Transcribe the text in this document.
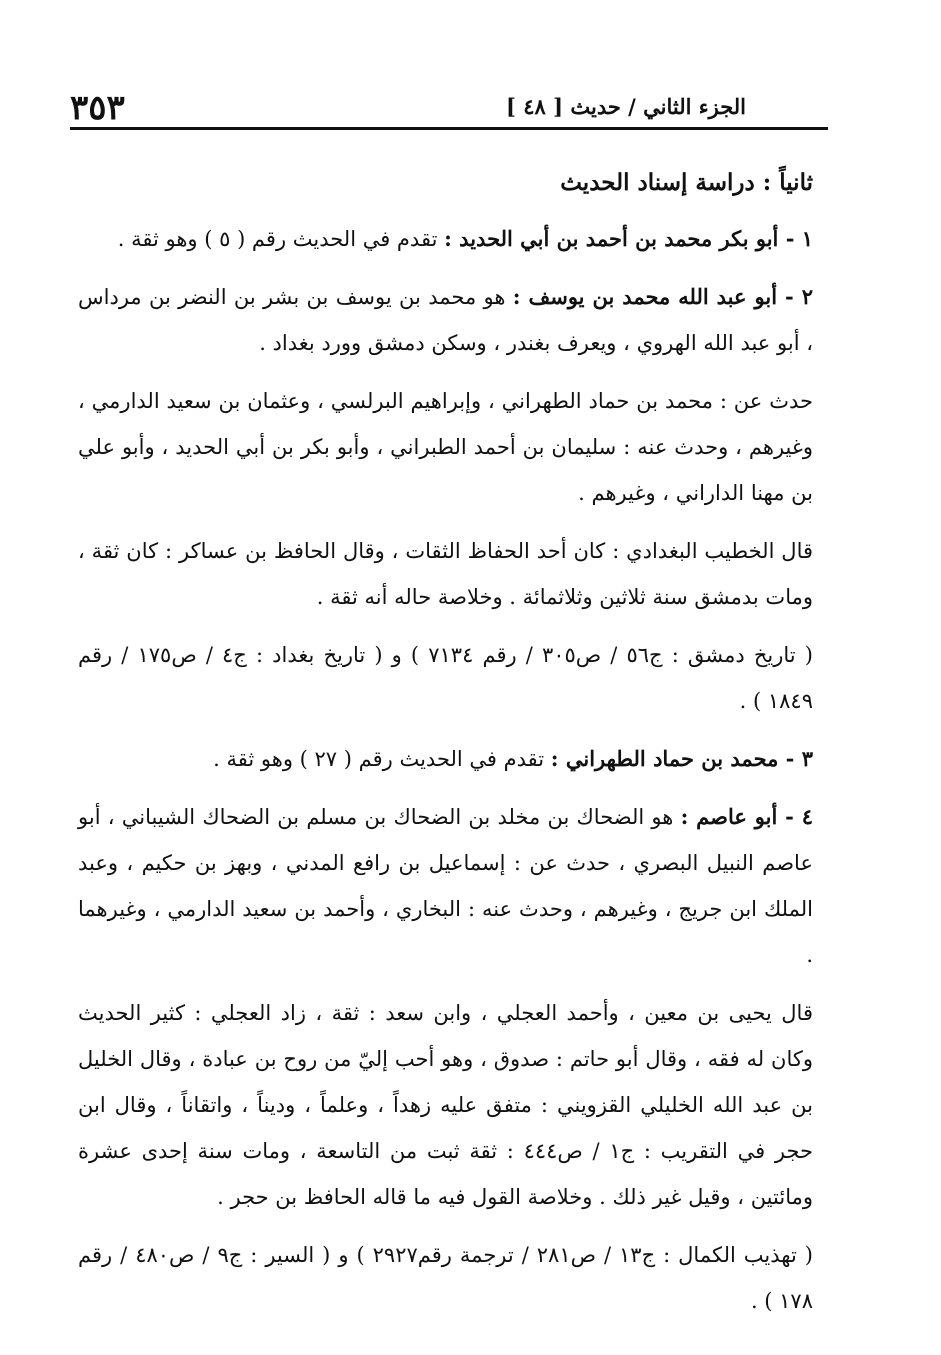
٣٥٣	الجزء الثاني / حديث [ ٤٨ ]

ثانياً : دراسة إسناد الحديث

١ - أبو بكر محمد بن أحمد بن أبي الحديد : تقدم في الحديث رقم ( ٥ ) وهو ثقة .

٢ - أبو عبد الله محمد بن يوسف : هو محمد بن يوسف بن بشر بن النضر بن مرداس ، أبو عبد الله الهروي ، ويعرف بغندر ، وسكن دمشق وورد بغداد .

حدث عن : محمد بن حماد الطهراني ، وإبراهيم البرلسي ، وعثمان بن سعيد الدارمي ، وغيرهم ، وحدث عنه : سليمان بن أحمد الطبراني ، وأبو بكر بن أبي الحديد ، وأبو علي بن مهنا الداراني ، وغيرهم .

قال الخطيب البغدادي : كان أحد الحفاظ الثقات ، وقال الحافظ بن عساكر : كان ثقة ، ومات بدمشق سنة ثلاثين وثلاثمائة . وخلاصة حاله أنه ثقة .

( تاريخ دمشق : ج٥٦ / ص٣٠٥ / رقم ٧١٣٤ ) و ( تاريخ بغداد : ج٤ / ص١٧٥ / رقم ١٨٤٩ ) .

٣ - محمد بن حماد الطهراني : تقدم في الحديث رقم ( ٢٧ ) وهو ثقة .

٤ - أبو عاصم : هو الضحاك بن مخلد بن الضحاك بن مسلم بن الضحاك الشيباني ، أبو عاصم النبيل البصري ، حدث عن : إسماعيل بن رافع المدني ، وبهز بن حكيم ، وعبد الملك ابن جريج ، وغيرهم ، وحدث عنه : البخاري ، وأحمد بن سعيد الدارمي ، وغيرهما .

قال يحيى بن معين ، وأحمد العجلي ، وابن سعد : ثقة ، زاد العجلي : كثير الحديث وكان له فقه ، وقال أبو حاتم : صدوق ، وهو أحب إليّ من روح بن عبادة ، وقال الخليل بن عبد الله الخليلي القزويني : متفق عليه زهداً ، وعلماً ، وديناً ، واتقاناً ، وقال ابن حجر في التقريب : ج١ / ص٤٤٤ : ثقة ثبت من التاسعة ، ومات سنة إحدى عشرة ومائتين ، وقيل غير ذلك . وخلاصة القول فيه ما قاله الحافظ بن حجر .

( تهذيب الكمال : ج١٣ / ص٢٨١ / ترجمة رقم٢٩٢٧ ) و ( السير : ج٩ / ص٤٨٠ / رقم ١٧٨ ) .
